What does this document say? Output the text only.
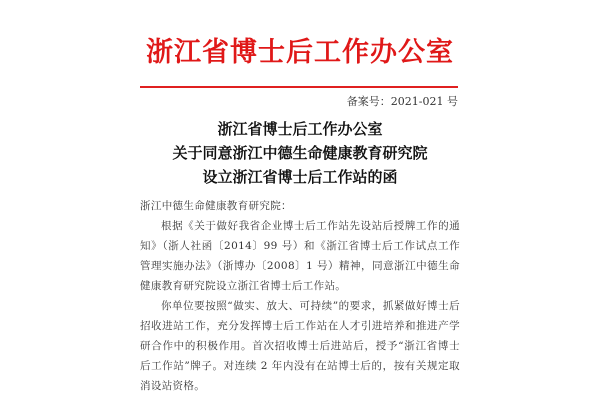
浙江省博士后工作办公室
备案号：2021-021 号
浙江省博士后工作办公室
关于同意浙江中德生命健康教育研究院
设立浙江省博士后工作站的函

浙江中德生命健康教育研究院：

根据《关于做好我省企业博士后工作站先设站后授牌工作的通知》（浙人社函〔2014〕99 号）和《浙江省博士后工作试点工作管理实施办法》（浙博办〔2008〕1 号）精神，同意浙江中德生命健康教育研究院设立浙江省博士后工作站。

你单位要按照“做实、放大、可持续”的要求，抓紧做好博士后招收进站工作，充分发挥博士后工作站在人才引进培养和推进产学研合作中的积极作用。首次招收博士后进站后，授予“浙江省博士后工作站”牌子。对连续 2 年内没有在站博士后的，按有关规定取消设站资格。
